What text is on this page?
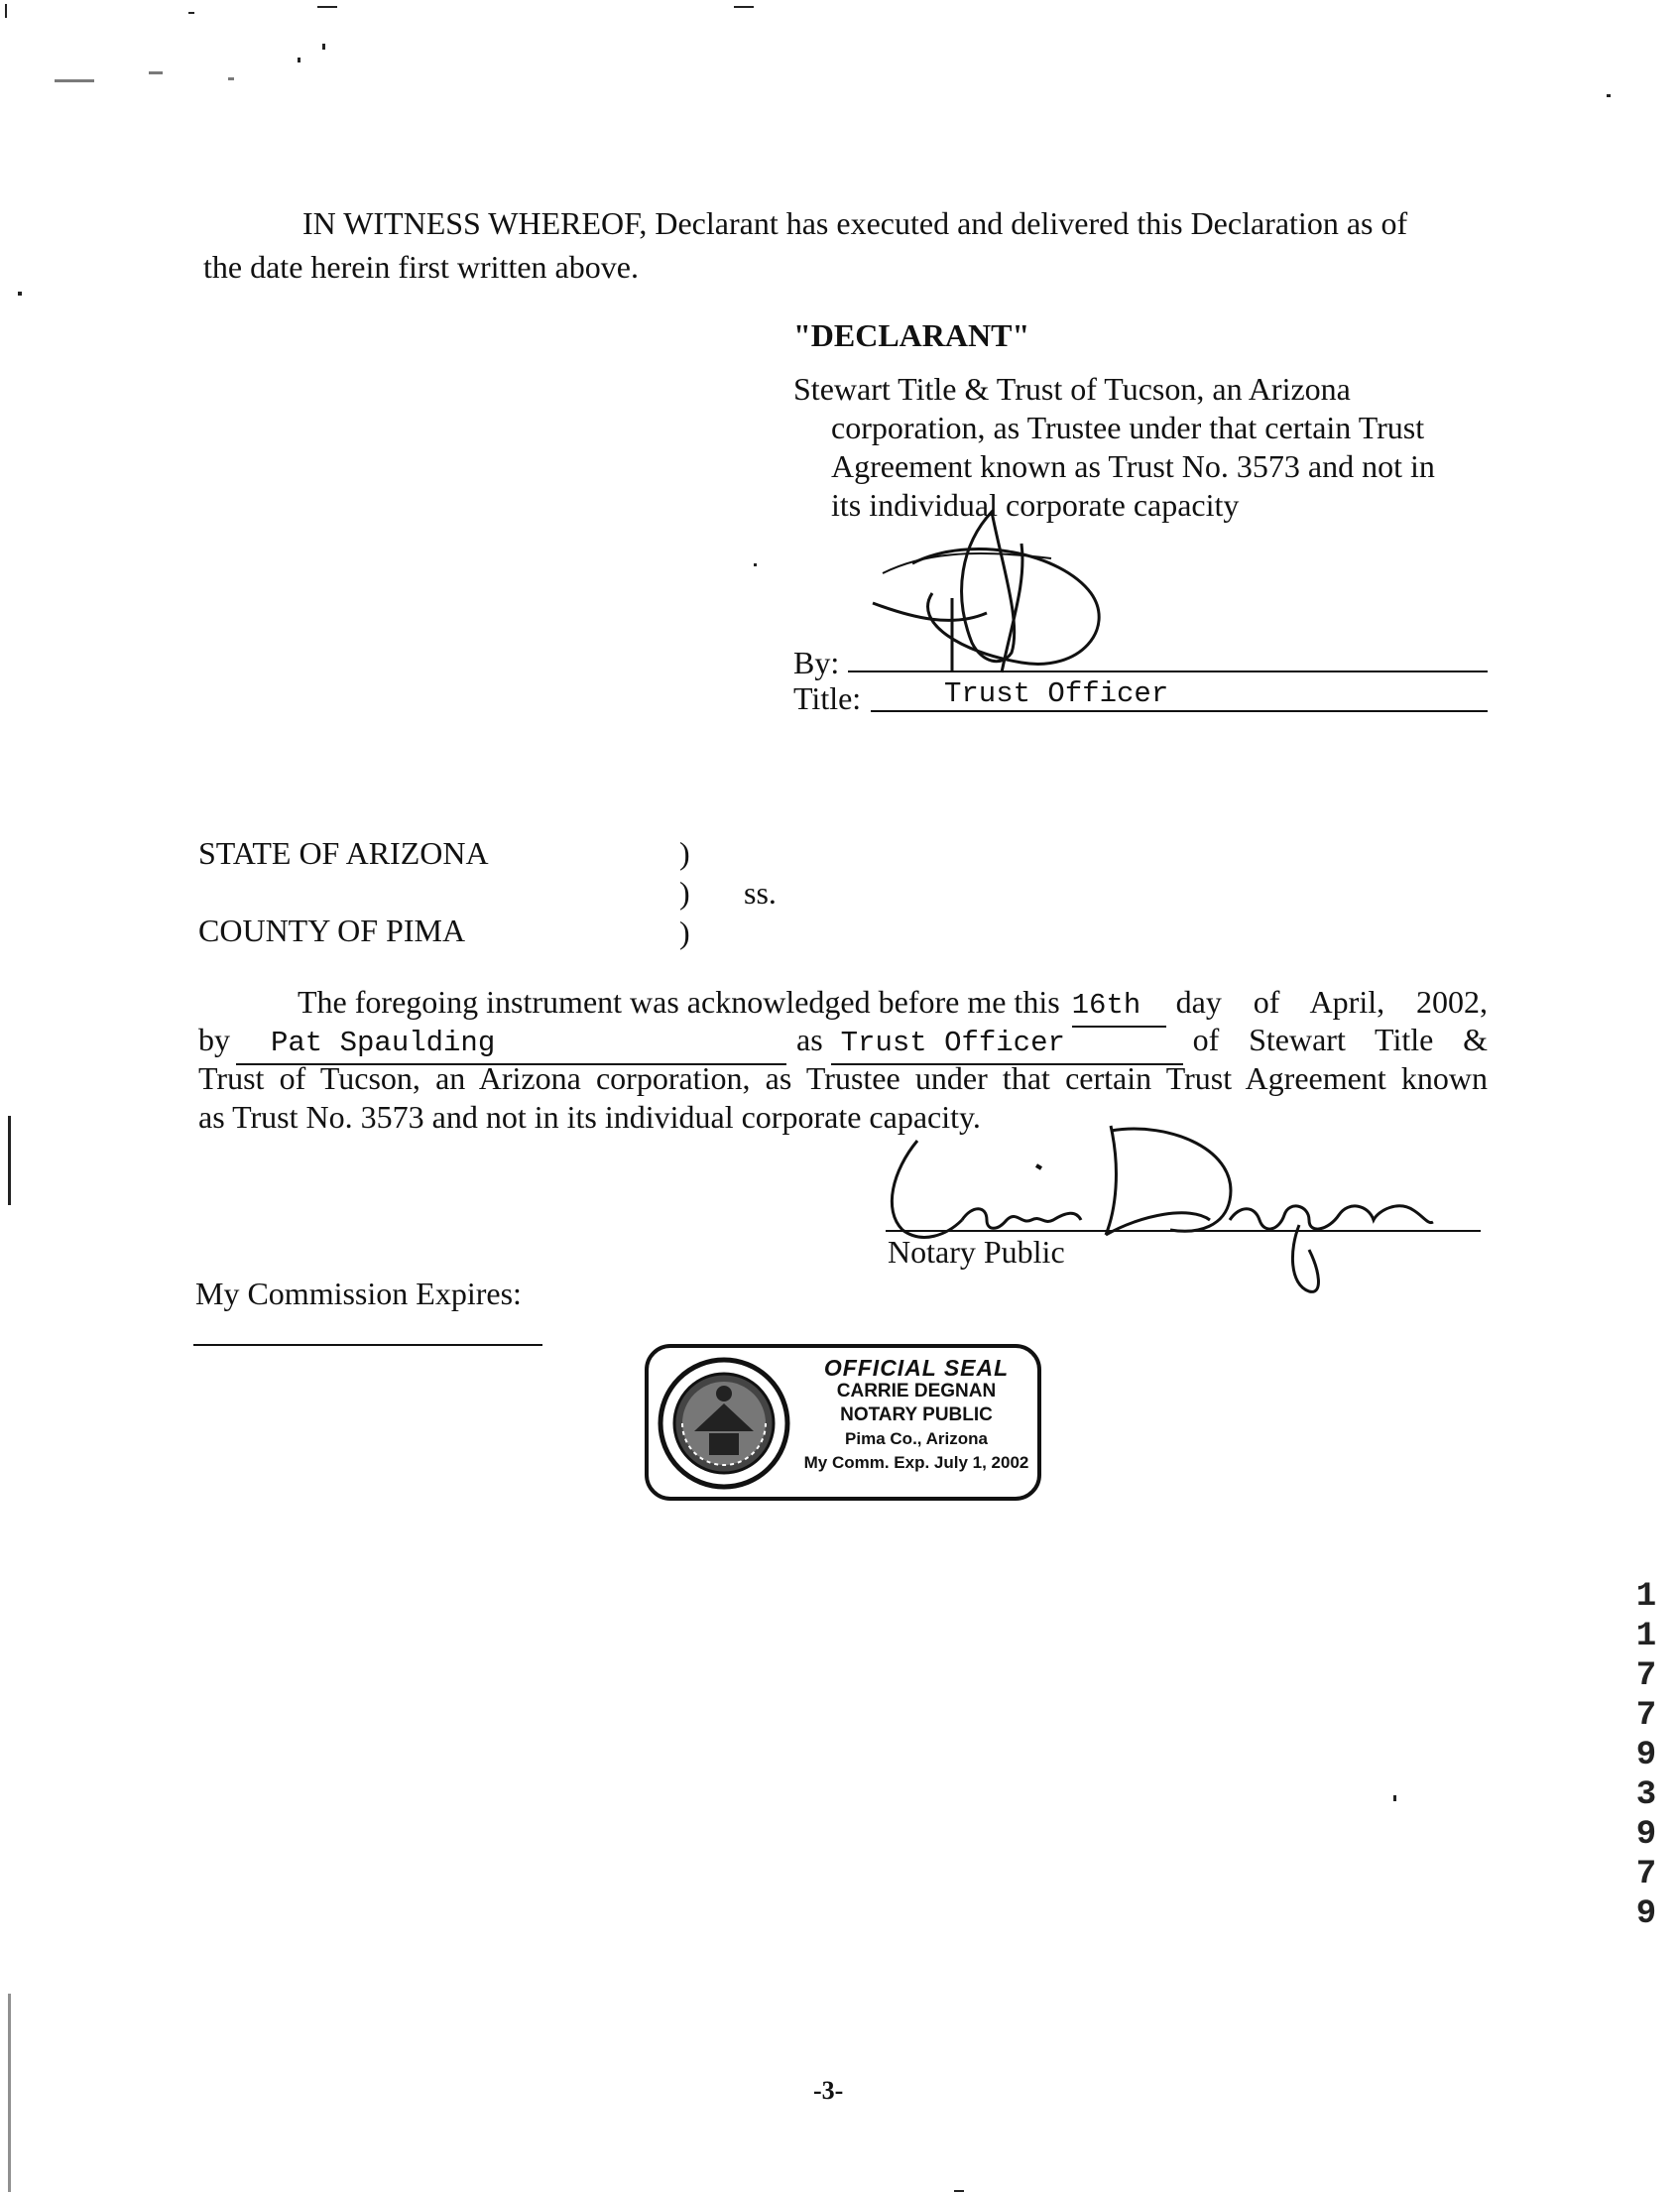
IN WITNESS WHEREOF, Declarant has executed and delivered this Declaration as of
the date herein first written above.
"DECLARANT"
Stewart Title & Trust of Tucson, an Arizona
corporation, as Trustee under that certain Trust
Agreement known as Trust No. 3573 and not in
its individual corporate capacity
By:
Title:	Trust Officer
STATE OF ARIZONA	)
) ss.
COUNTY OF PIMA	)
The foregoing instrument was acknowledged before me this 16th	day of April, 2002,
by	Pat Spaulding	as Trust Officer	of Stewart Title &
Trust of Tucson, an Arizona corporation, as Trustee under that certain Trust Agreement known
as Trust No. 3573 and not in its individual corporate capacity.
Notary Public
My Commission Expires:
OFFICIAL SEAL
CARRIE DEGNAN
NOTARY PUBLIC
Pima Co., Arizona
My Comm. Exp. July 1, 2002
1
1
7
7
9
3
9
7
9
-3-
